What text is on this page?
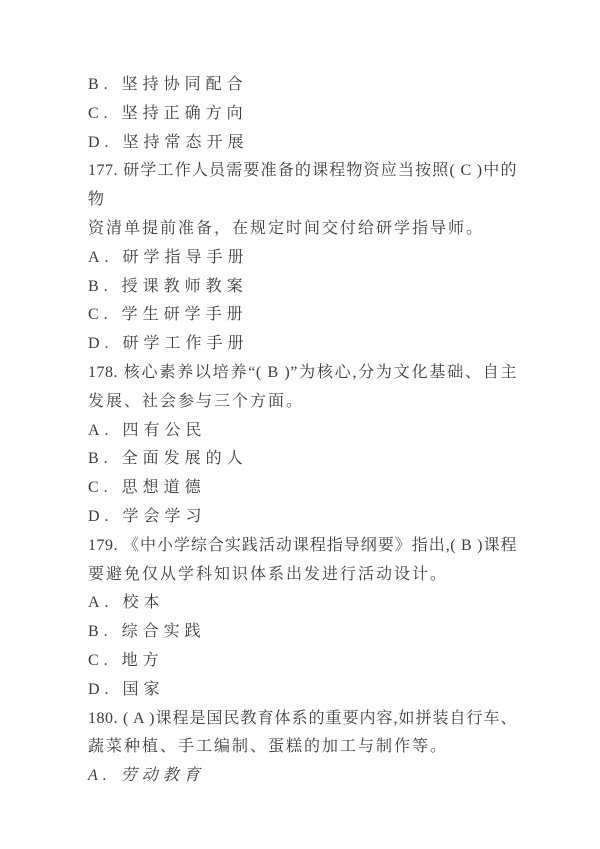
B. 坚持协同配合
C. 坚持正确方向
D. 坚持常态开展
177. 研学工作人员需要准备的课程物资应当按照( C )中的物
资清单提前准备，在规定时间交付给研学指导师。
A. 研学指导手册
B. 授课教师教案
C. 学生研学手册
D. 研学工作手册
178. 核心素养以培养“( B )”为核心,分为文化基础、自主
发展、社会参与三个方面。
A. 四有公民
B. 全面发展的人
C. 思想道德
D. 学会学习
179. 《中小学综合实践活动课程指导纲要》指出,( B )课程
要避免仅从学科知识体系出发进行活动设计。
A. 校本
B. 综合实践
C. 地方
D. 国家
180. ( A )课程是国民教育体系的重要内容,如拼装自行车、
蔬菜种植、手工编制、蛋糕的加工与制作等。
A. 劳动教育
